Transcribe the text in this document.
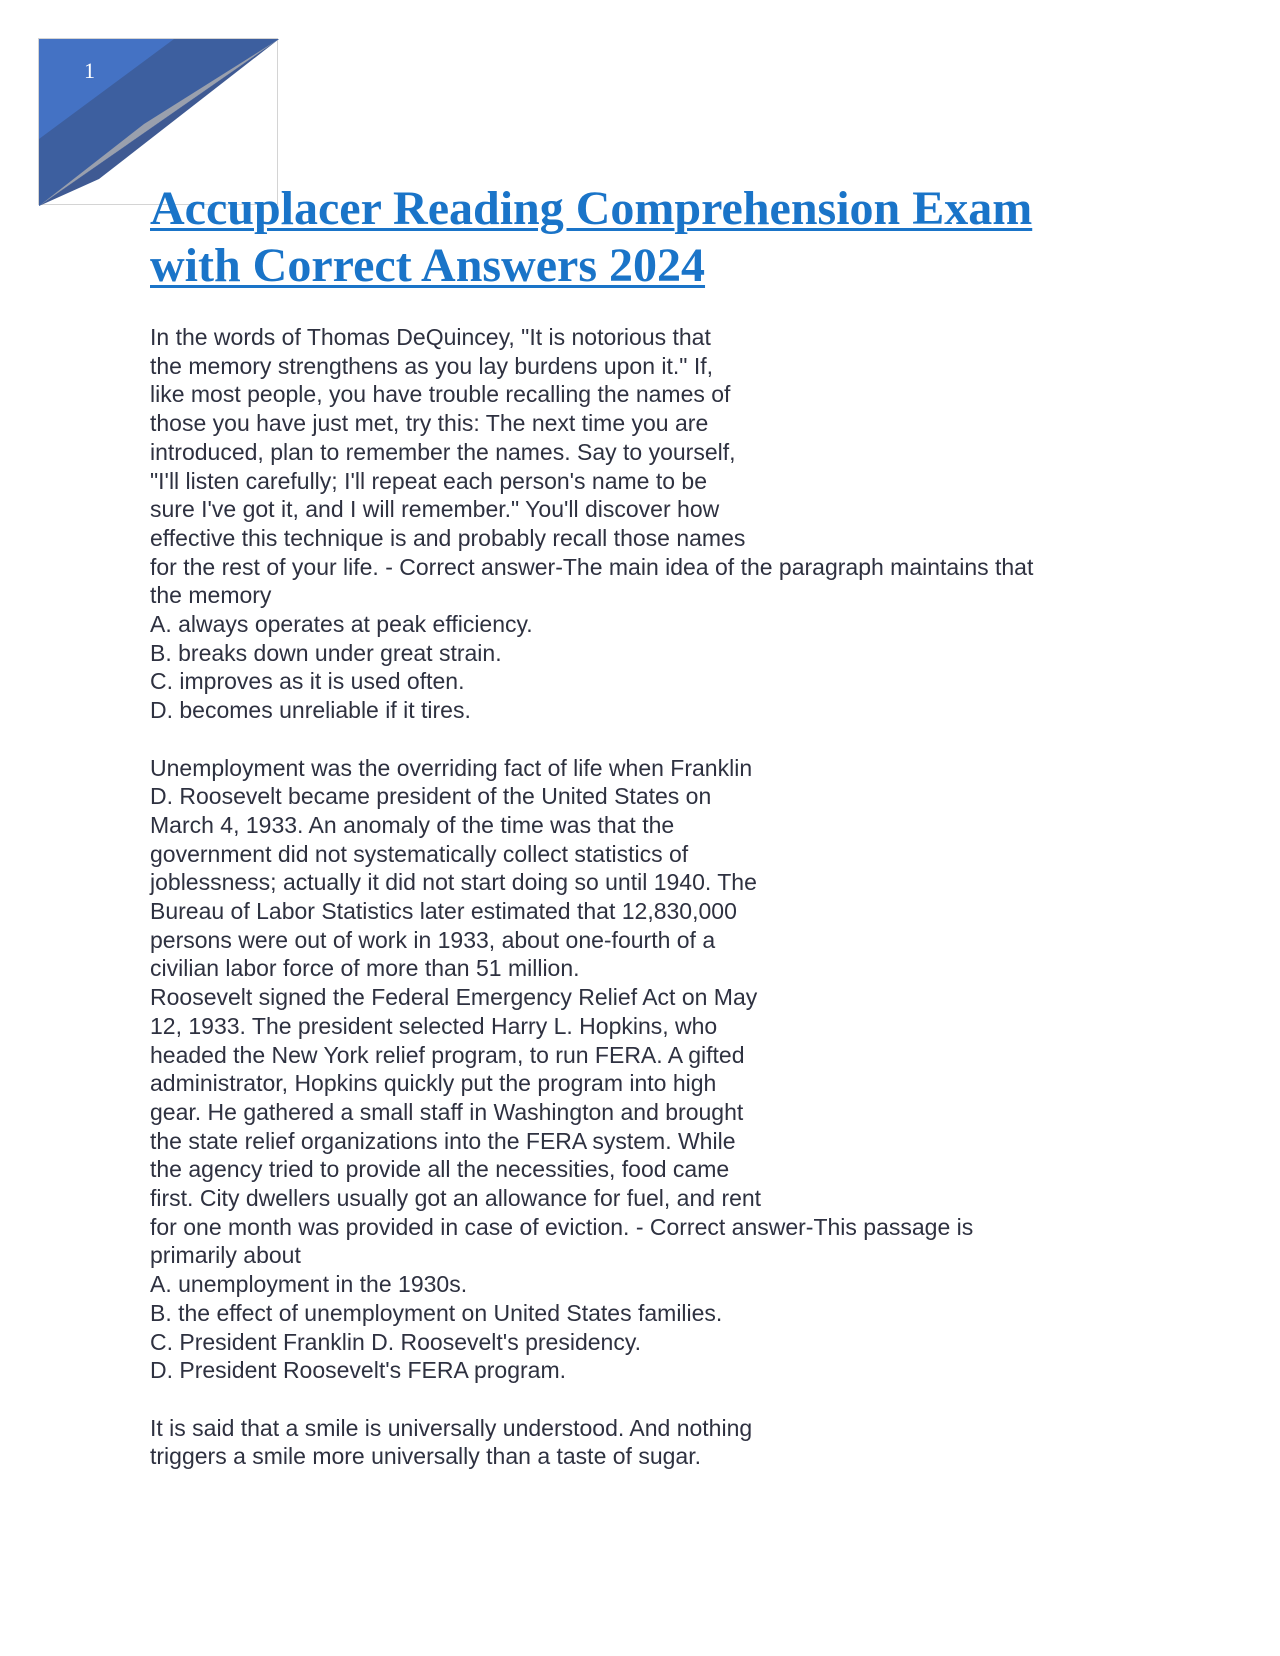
1
Accuplacer Reading Comprehension Exam
with Correct Answers 2024
In the words of Thomas DeQuincey, "It is notorious that
the memory strengthens as you lay burdens upon it." If,
like most people, you have trouble recalling the names of
those you have just met, try this: The next time you are
introduced, plan to remember the names. Say to yourself,
"I'll listen carefully; I'll repeat each person's name to be
sure I've got it, and I will remember." You'll discover how
effective this technique is and probably recall those names
for the rest of your life. - Correct answer-The main idea of the paragraph maintains that
the memory
A. always operates at peak efficiency.
B. breaks down under great strain.
C. improves as it is used often.
D. becomes unreliable if it tires.
Unemployment was the overriding fact of life when Franklin
D. Roosevelt became president of the United States on
March 4, 1933. An anomaly of the time was that the
government did not systematically collect statistics of
joblessness; actually it did not start doing so until 1940. The
Bureau of Labor Statistics later estimated that 12,830,000
persons were out of work in 1933, about one-fourth of a
civilian labor force of more than 51 million.
Roosevelt signed the Federal Emergency Relief Act on May
12, 1933. The president selected Harry L. Hopkins, who
headed the New York relief program, to run FERA. A gifted
administrator, Hopkins quickly put the program into high
gear. He gathered a small staff in Washington and brought
the state relief organizations into the FERA system. While
the agency tried to provide all the necessities, food came
first. City dwellers usually got an allowance for fuel, and rent
for one month was provided in case of eviction. - Correct answer-This passage is
primarily about
A. unemployment in the 1930s.
B. the effect of unemployment on United States families.
C. President Franklin D. Roosevelt's presidency.
D. President Roosevelt's FERA program.
It is said that a smile is universally understood. And nothing
triggers a smile more universally than a taste of sugar.
